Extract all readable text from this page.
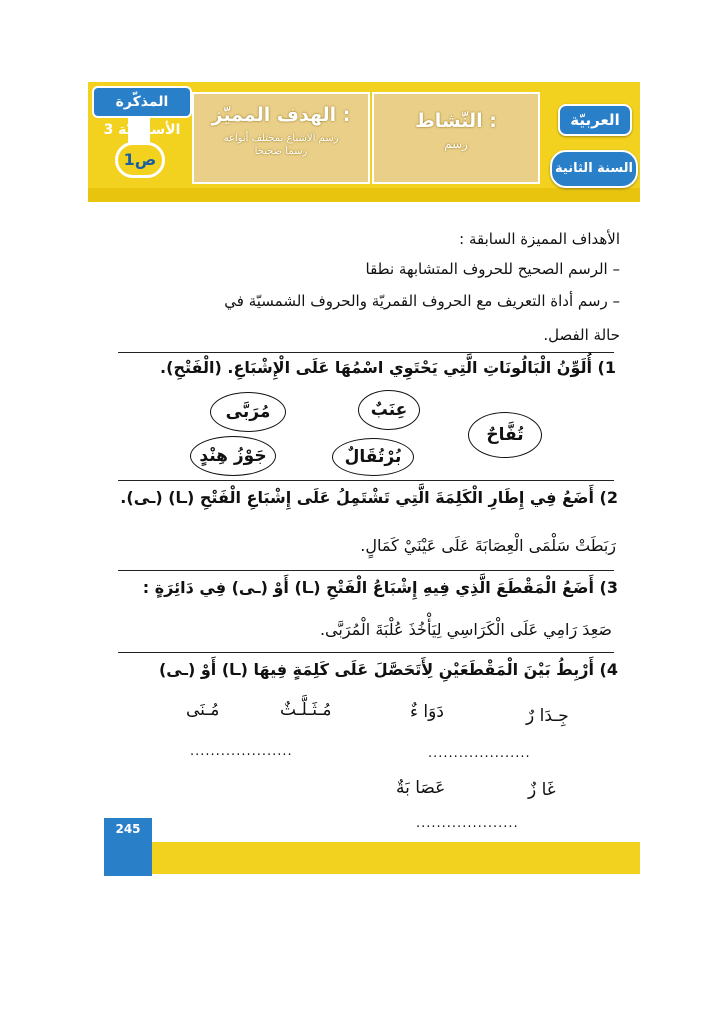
المذكّرة الأساسيّة 3
1ص
الهدف المميّز :
رسم الاشباع بمختلف أنواعه
رسما صحيحا
النّشاط :
رسم
العربيّة
السنة الثانية
الأهداف المميزة السابقة :
– الرسم الصحيح للحروف المتشابهة نطقا
– رسم أداة التعريف مع الحروف القمريّة والحروف الشمسيّة في
حالة الفصل.
1) أُلَوِّنُ الْبَالُونَاتِ الَّتِي يَحْتَوِي اسْمُهَا عَلَى الْإِشْبَاعِ. (الْفَتْحِ).
مُرَبَّى	عِنَبٌ
تُفَّاحٌ
جَوْزُ هِنْدٍ	بُرْتُقَالٌ
2) أَضَعُ فِي إِطَارِ الْكَلِمَةَ الَّتِي تَشْتَمِلُ عَلَى إِشْبَاعِ الْفَتْحِ (ـا) (ـى).
رَبَطَتْ سَلْمَى الْعِصَابَةَ عَلَى عَيْنَيْ كَمَالٍ.
3) أَضَعُ الْمَقْطَعَ الَّذِي فِيهِ إِشْبَاعُ الْفَتْحِ (ـا) أَوْ (ـى) فِي دَائِرَةٍ :
صَعِدَ رَامِي عَلَى الْكَرَاسِي لِيَأْخُذَ عُلْبَةَ الْمُرَبَّى.
4) أَرْبِطُ بَيْنَ الْمَقْطَعَيْنِ لِأَتَحَصَّلَ عَلَى كَلِمَةٍ فِيهَا (ـا) أَوْ (ـى)
جِـدَا رٌ
دَوَا ءٌ
مُـثَـلَّـثٌ
مُـنَى
....................	....................
غَا زٌ
عَصَا بَةٌ
....................
245
